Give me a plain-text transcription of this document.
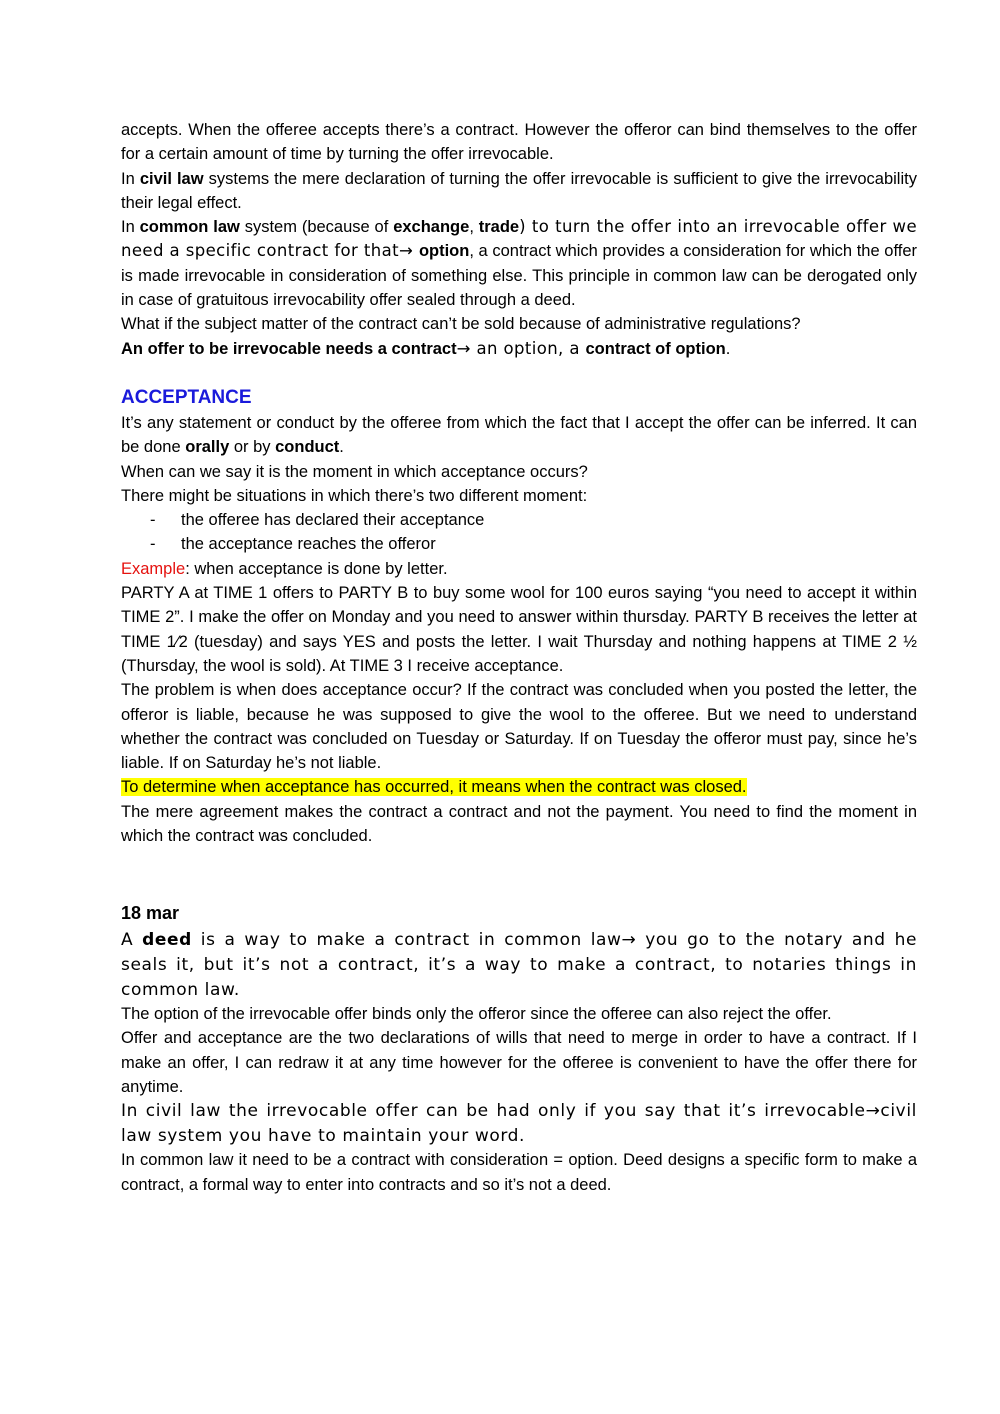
accepts. When the offeree accepts there’s a contract. However the offeror can bind themselves to the offer for a certain amount of time by turning the offer irrevocable.

In civil law systems the mere declaration of turning the offer irrevocable is sufficient to give the irrevocability their legal effect.

In common law system (because of exchange, trade) to turn the offer into an irrevocable offer we need a specific contract for that→ option, a contract which provides a consideration for which the offer is made irrevocable in consideration of something else. This principle in common law can be derogated only in case of gratuitous irrevocability offer sealed through a deed.

What if the subject matter of the contract can’t be sold because of administrative regulations?

An offer to be irrevocable needs a contract→ an option, a contract of option.

ACCEPTANCE

It’s any statement or conduct by the offeree from which the fact that I accept the offer can be inferred. It can be done orally or by conduct.

When can we say it is the moment in which acceptance occurs?

There might be situations in which there’s two different moment:

- the offeree has declared their acceptance
- the acceptance reaches the offeror

Example: when acceptance is done by letter.

PARTY A at TIME 1 offers to PARTY B to buy some wool for 100 euros saying “you need to accept it within TIME 2”. I make the offer on Monday and you need to answer within thursday. PARTY B receives the letter at TIME 1⁄2 (tuesday) and says YES and posts the letter. I wait Thursday and nothing happens at TIME 2 ½ (Thursday, the wool is sold). At TIME 3 I receive acceptance.

The problem is when does acceptance occur? If the contract was concluded when you posted the letter, the offeror is liable, because he was supposed to give the wool to the offeree. But we need to understand whether the contract was concluded on Tuesday or Saturday. If on Tuesday the offeror must pay, since he’s liable. If on Saturday he’s not liable.

To determine when acceptance has occurred, it means when the contract was closed.

The mere agreement makes the contract a contract and not the payment. You need to find the moment in which the contract was concluded.

18 mar

A deed is a way to make a contract in common law→ you go to the notary and he seals it, but it’s not a contract, it’s a way to make a contract, to notaries things in common law.

The option of the irrevocable offer binds only the offeror since the offeree can also reject the offer.

Offer and acceptance are the two declarations of wills that need to merge in order to have a contract. If I make an offer, I can redraw it at any time however for the offeree is convenient to have the offer there for anytime.

In civil law the irrevocable offer can be had only if you say that it’s irrevocable→civil law system you have to maintain your word.

In common law it need to be a contract with consideration = option. Deed designs a specific form to make a contract, a formal way to enter into contracts and so it’s not a deed.
